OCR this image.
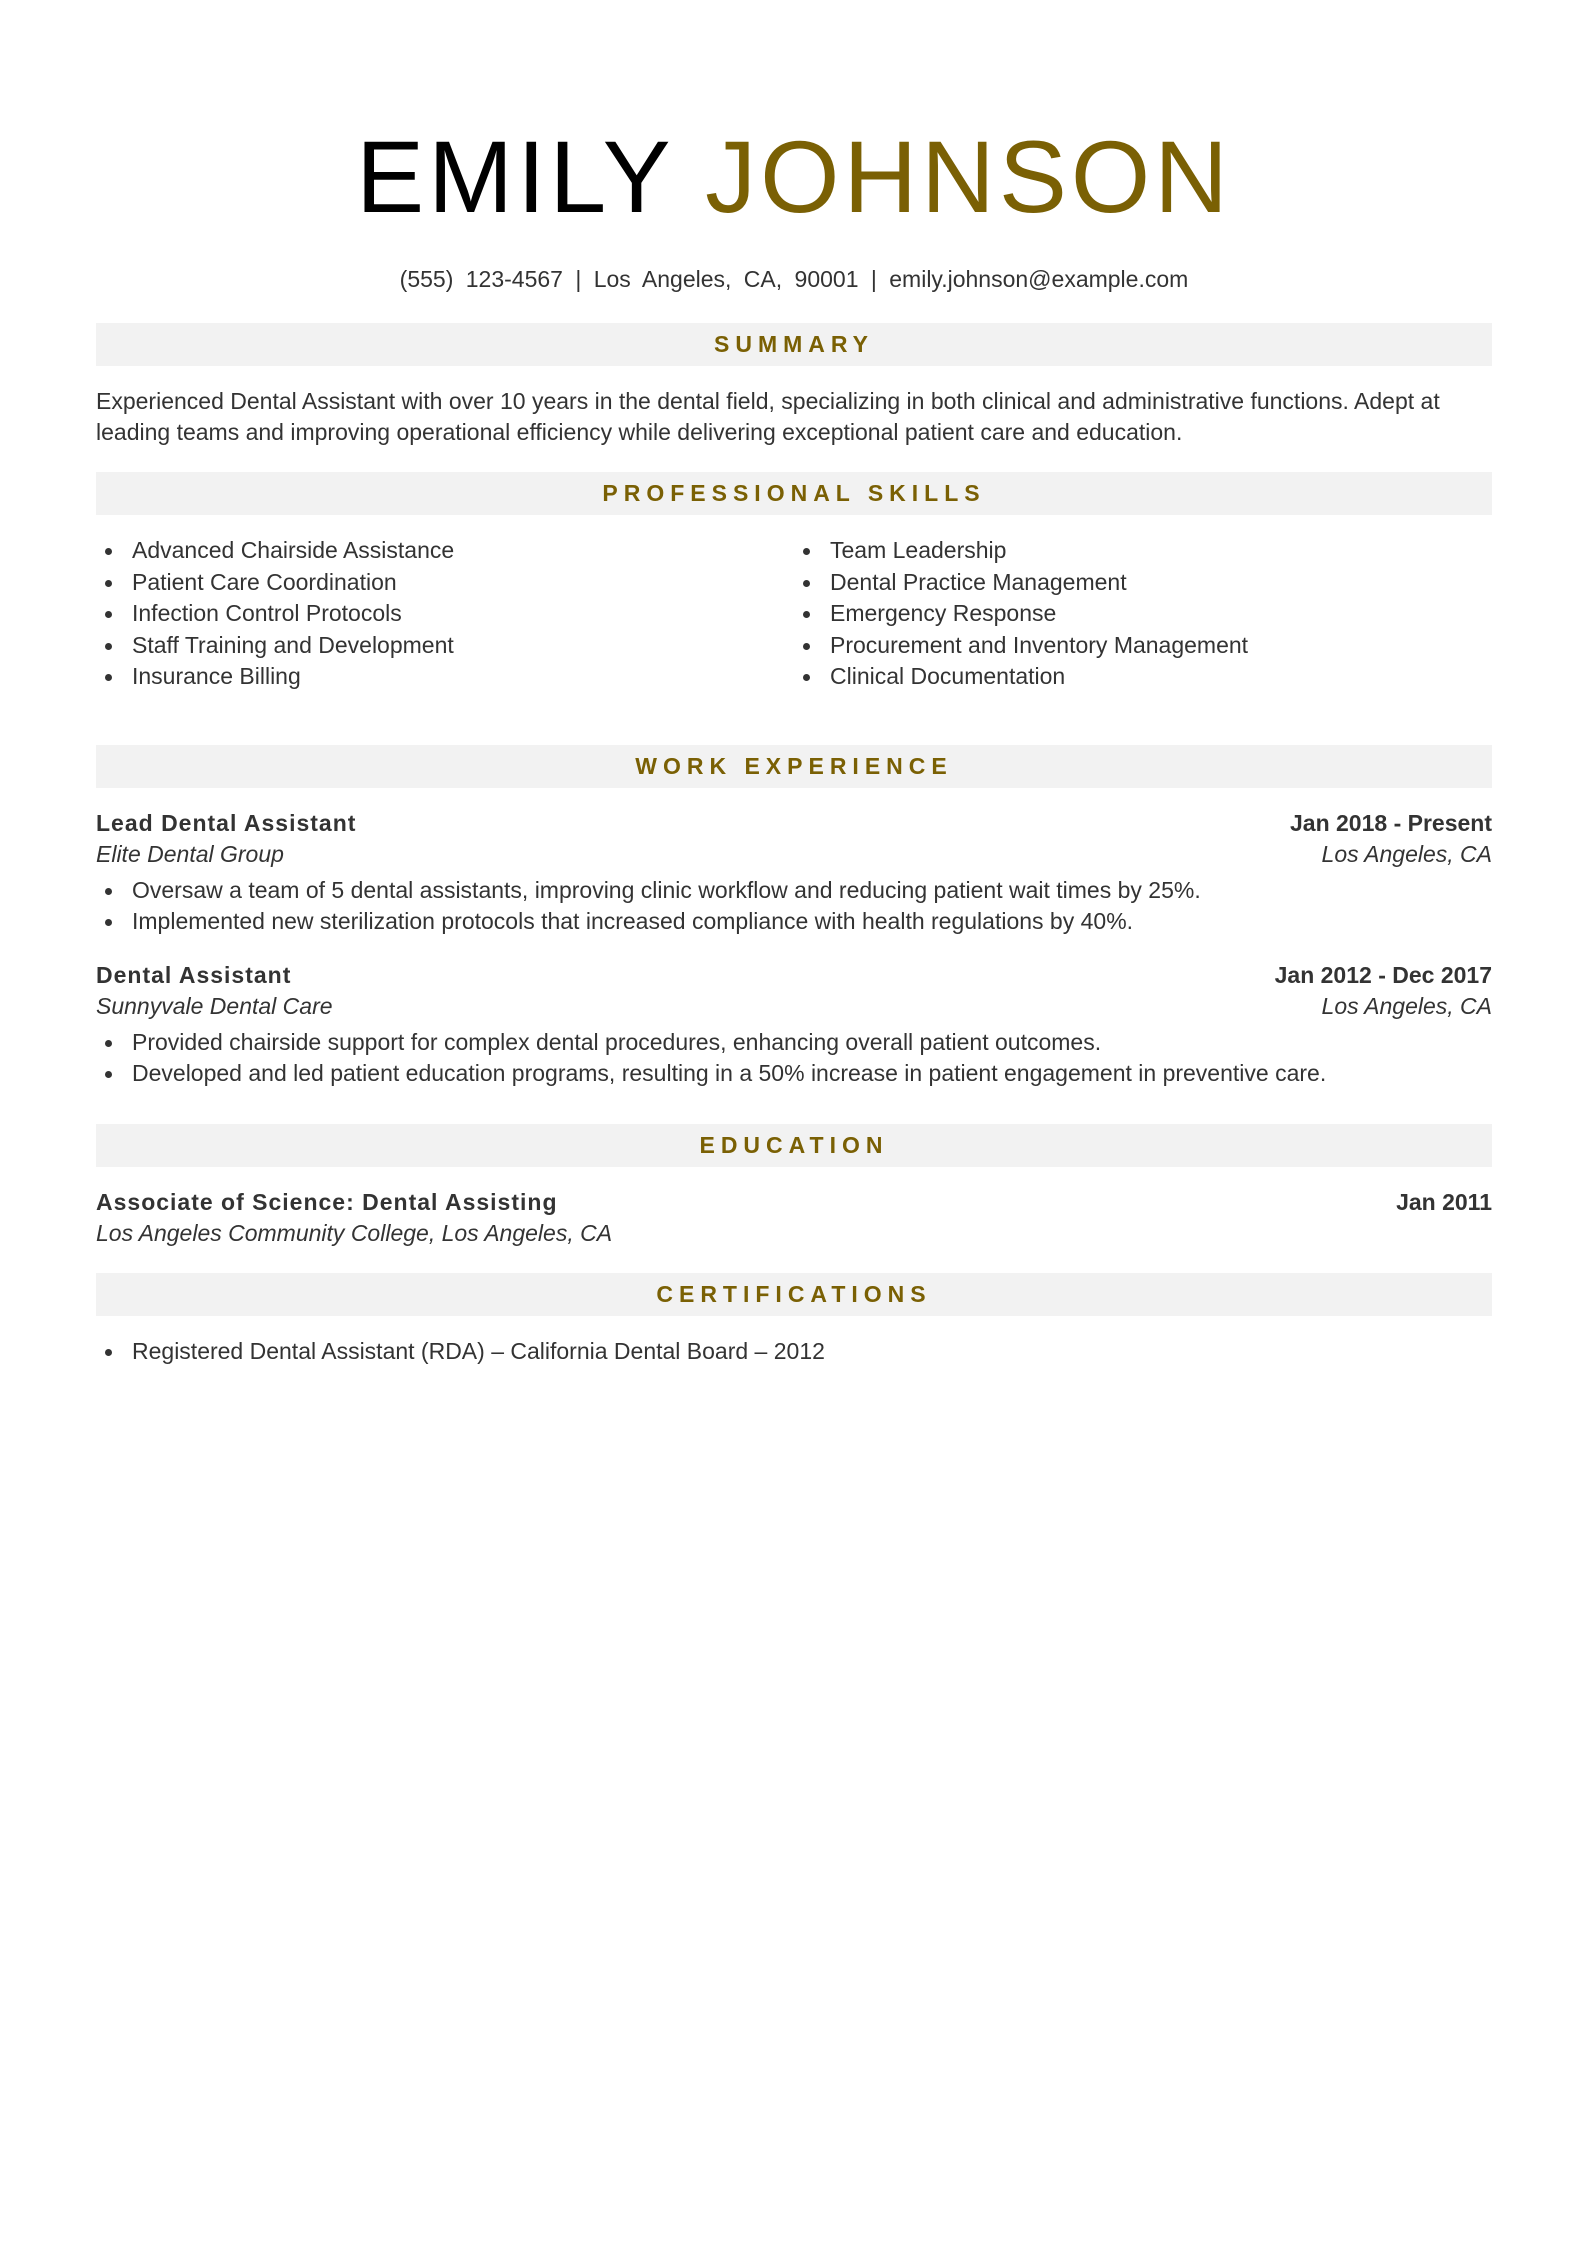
EMILY JOHNSON
(555) 123-4567 | Los Angeles, CA, 90001 | emily.johnson@example.com
SUMMARY

Experienced Dental Assistant with over 10 years in the dental field, specializing in both clinical and administrative functions. Adept at leading teams and improving operational efficiency while delivering exceptional patient care and education.

PROFESSIONAL SKILLS
Advanced Chairside Assistance
Patient Care Coordination
Infection Control Protocols
Staff Training and Development
Insurance Billing
Team Leadership
Dental Practice Management
Emergency Response
Procurement and Inventory Management
Clinical Documentation
WORK EXPERIENCE
Lead Dental Assistant	Jan 2018 - Present
Elite Dental Group	Los Angeles, CA
Oversaw a team of 5 dental assistants, improving clinic workflow and reducing patient wait times by 25%.
Implemented new sterilization protocols that increased compliance with health regulations by 40%.
Dental Assistant	Jan 2012 - Dec 2017
Sunnyvale Dental Care	Los Angeles, CA
Provided chairside support for complex dental procedures, enhancing overall patient outcomes.
Developed and led patient education programs, resulting in a 50% increase in patient engagement in preventive care.
EDUCATION
Associate of Science: Dental Assisting	Jan 2011
Los Angeles Community College, Los Angeles, CA
CERTIFICATIONS
Registered Dental Assistant (RDA) – California Dental Board – 2012
